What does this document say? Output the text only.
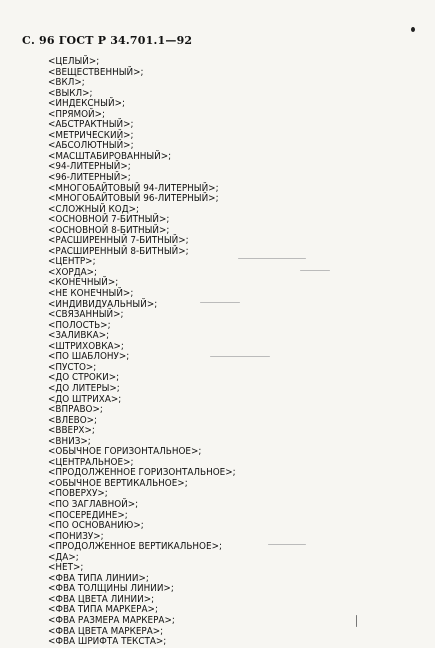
С. 96 ГОСТ Р 34.701.1—92
<ЦЕЛЫЙ>;
<ВЕЩЕСТВЕННЫЙ>;
<ВКЛ>;
<ВЫКЛ>;
<ИНДЕКСНЫЙ>;
<ПРЯМОЙ>;
<АБСТРАКТНЫЙ>;
<МЕТРИЧЕСКИЙ>;
<АБСОЛЮТНЫЙ>;
<МАСШТАБИРОВАННЫЙ>;
<94-ЛИТЕРНЫЙ>;
<96-ЛИТЕРНЫЙ>;
<МНОГОБАЙТОВЫЙ 94-ЛИТЕРНЫЙ>;
<МНОГОБАЙТОВЫЙ 96-ЛИТЕРНЫЙ>;
<СЛОЖНЫЙ КОД>;
<ОСНОВНОЙ 7-БИТНЫЙ>;
<ОСНОВНОЙ 8-БИТНЫЙ>;
<РАСШИРЕННЫЙ 7-БИТНЫЙ>;
<РАСШИРЕННЫЙ 8-БИТНЫЙ>;
<ЦЕНТР>;
<ХОРДА>;
<КОНЕЧНЫЙ>;
<НЕ КОНЕЧНЫЙ>;
<ИНДИВИДУАЛЬНЫЙ>;
<СВЯЗАННЫЙ>;
<ПОЛОСТЬ>;
<ЗАЛИВКА>;
<ШТРИХОВКА>;
<ПО ШАБЛОНУ>;
<ПУСТО>;
<ДО СТРОКИ>;
<ДО ЛИТЕРЫ>;
<ДО ШТРИХА>;
<ВПРАВО>;
<ВЛЕВО>;
<ВВЕРХ>;
<ВНИЗ>;
<ОБЫЧНОЕ ГОРИЗОНТАЛЬНОЕ>;
<ЦЕНТРАЛЬНОЕ>;
<ПРОДОЛЖЕННОЕ ГОРИЗОНТАЛЬНОЕ>;
<ОБЫЧНОЕ ВЕРТИКАЛЬНОЕ>;
<ПОВЕРХУ>;
<ПО ЗАГЛАВНОЙ>;
<ПОСЕРЕДИНЕ>;
<ПО ОСНОВАНИЮ>;
<ПОНИЗУ>;
<ПРОДОЛЖЕННОЕ ВЕРТИКАЛЬНОЕ>;
<ДА>;
<НЕТ>;
<ФВА ТИПА ЛИНИИ>;
<ФВА ТОЛЩИНЫ ЛИНИИ>;
<ФВА ЦВЕТА ЛИНИИ>;
<ФВА ТИПА МАРКЕРА>;
<ФВА РАЗМЕРА МАРКЕРА>;
<ФВА ЦВЕТА МАРКЕРА>;
<ФВА ШРИФТА ТЕКСТА>;
